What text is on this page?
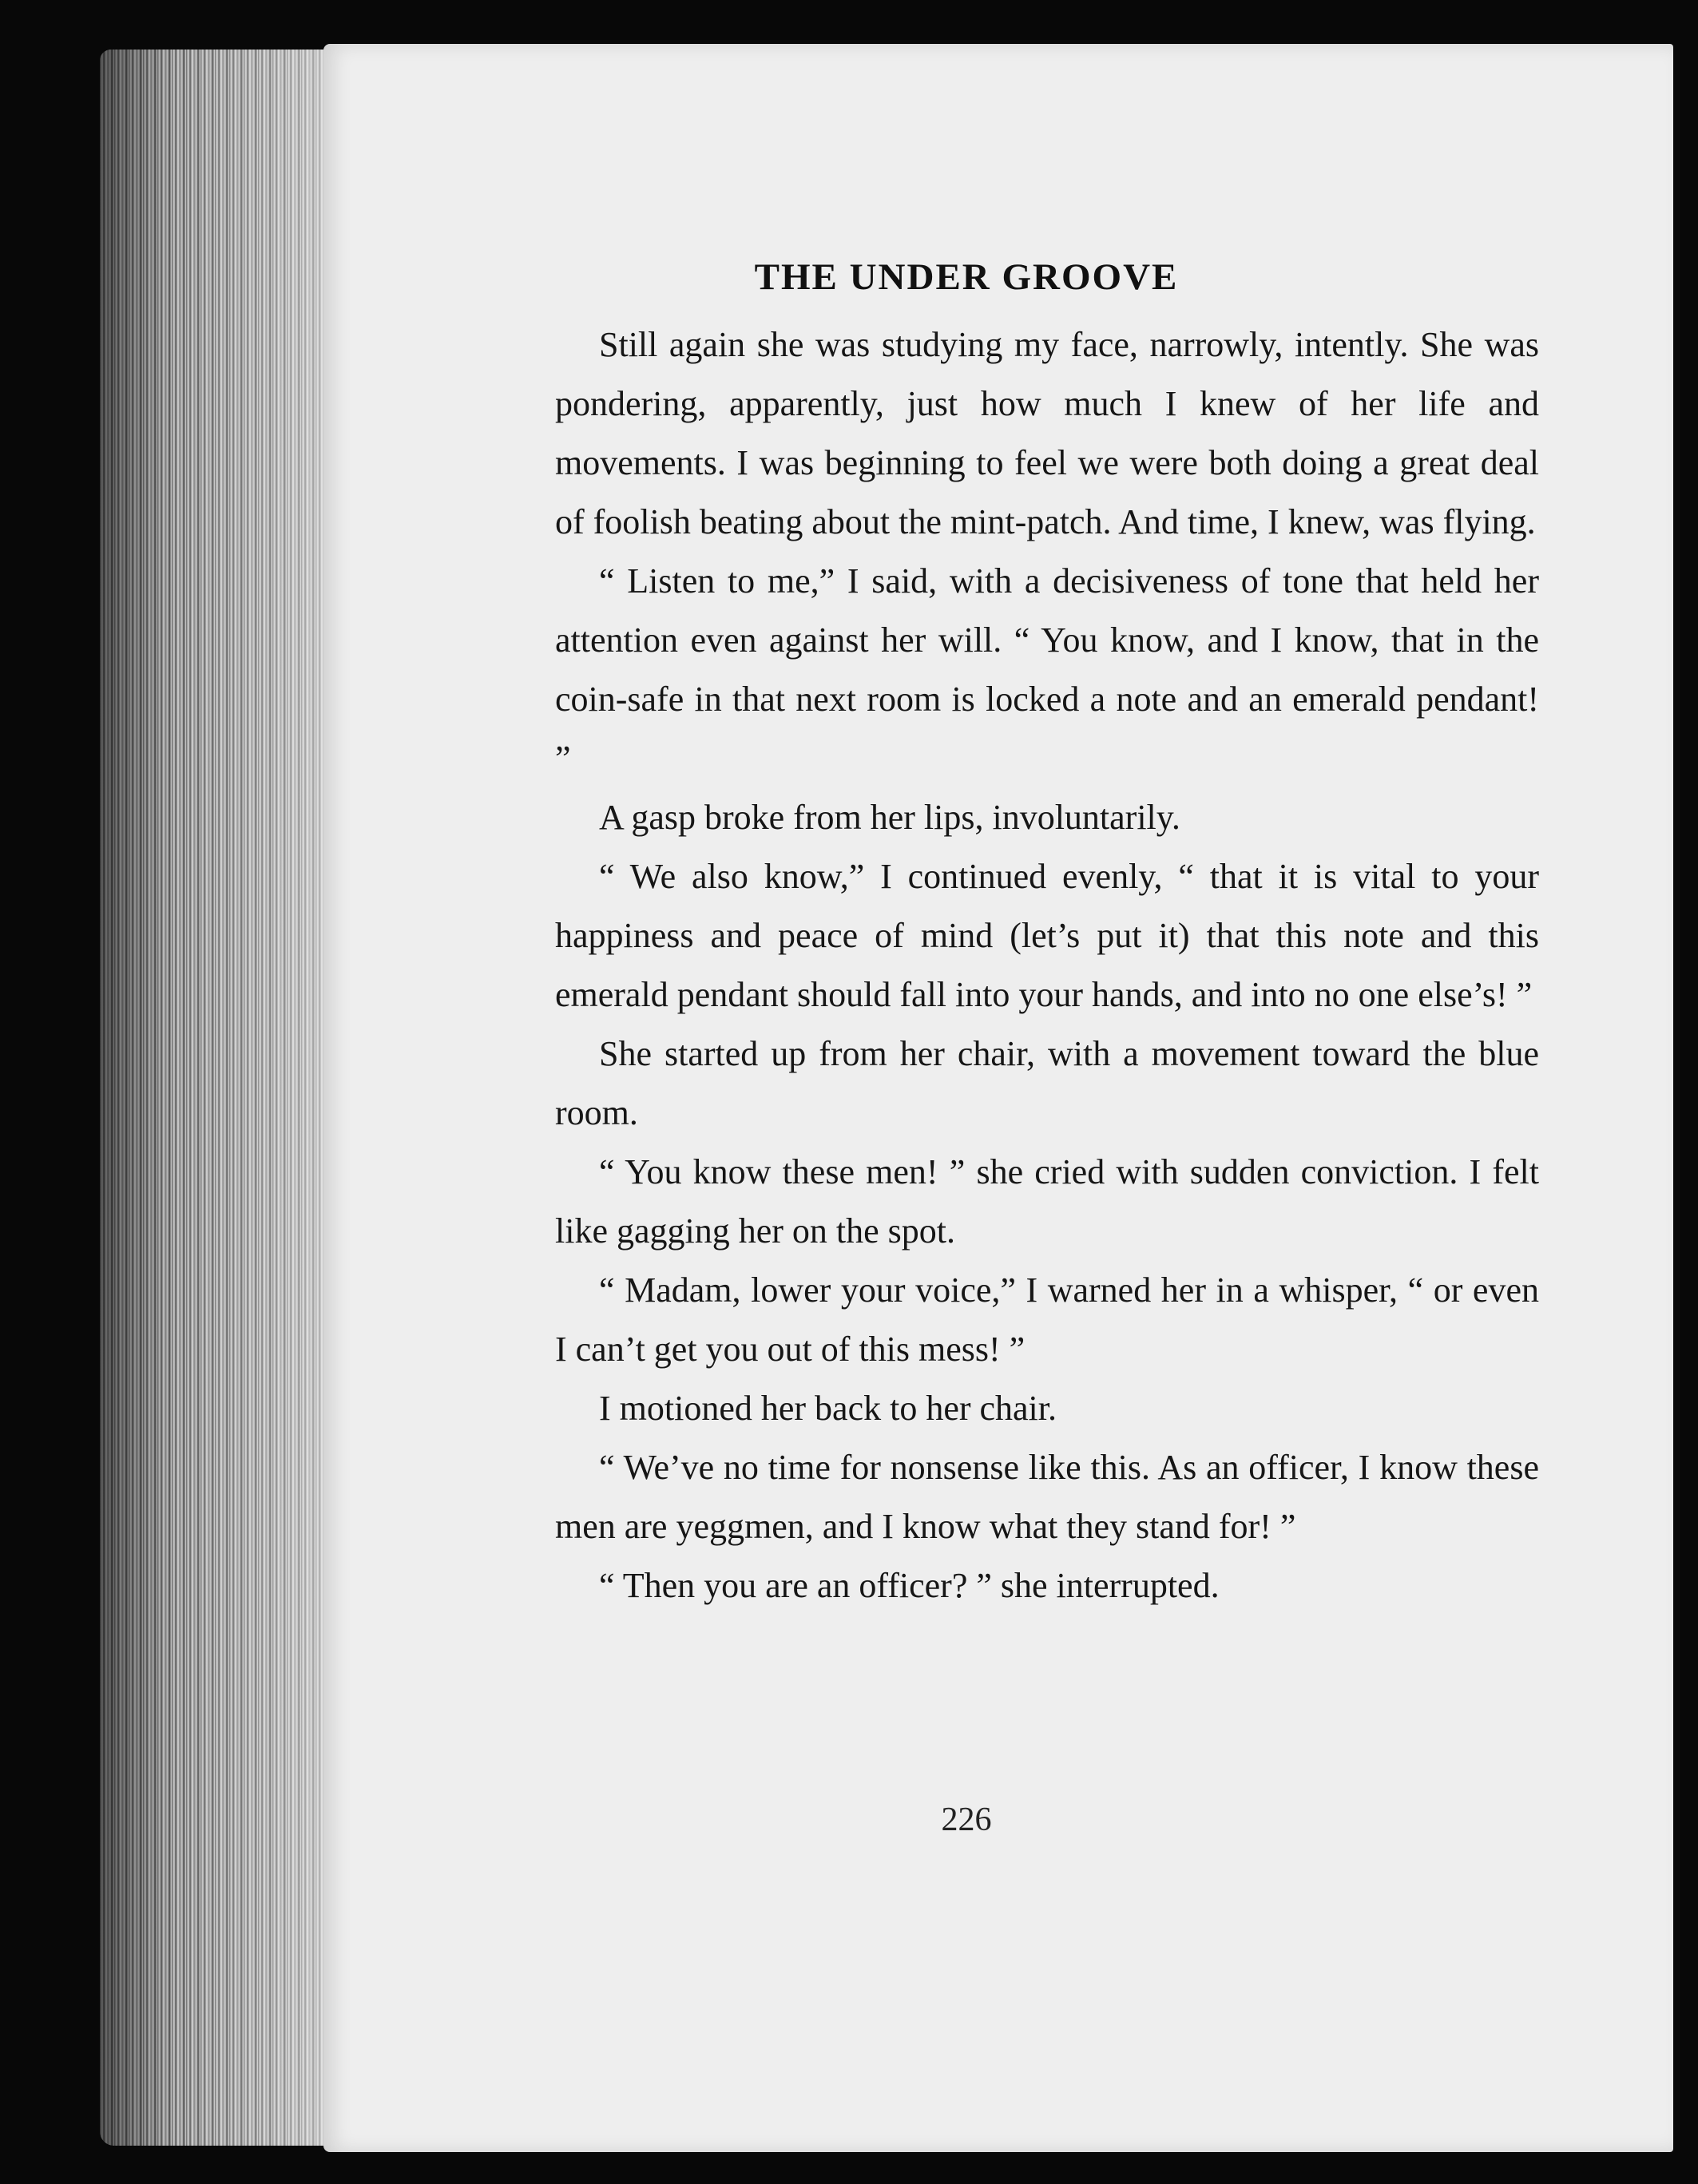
THE UNDER GROOVE

Still again she was studying my face, narrowly, intently. She was pondering, apparently, just how much I knew of her life and movements. I was beginning to feel we were both doing a great deal of foolish beating about the mint-patch. And time, I knew, was flying.

“ Listen to me,” I said, with a decisiveness of tone that held her attention even against her will. “ You know, and I know, that in the coin-safe in that next room is locked a note and an emerald pendant! ”

A gasp broke from her lips, involuntarily.

“ We also know,” I continued evenly, “ that it is vital to your happiness and peace of mind (let’s put it) that this note and this emerald pendant should fall into your hands, and into no one else’s! ”

She started up from her chair, with a movement toward the blue room.

“ You know these men! ” she cried with sudden conviction. I felt like gagging her on the spot.

“ Madam, lower your voice,” I warned her in a whisper, “ or even I can’t get you out of this mess! ”

I motioned her back to her chair.

“ We’ve no time for nonsense like this. As an officer, I know these men are yeggmen, and I know what they stand for! ”

“ Then you are an officer? ” she interrupted.

226
